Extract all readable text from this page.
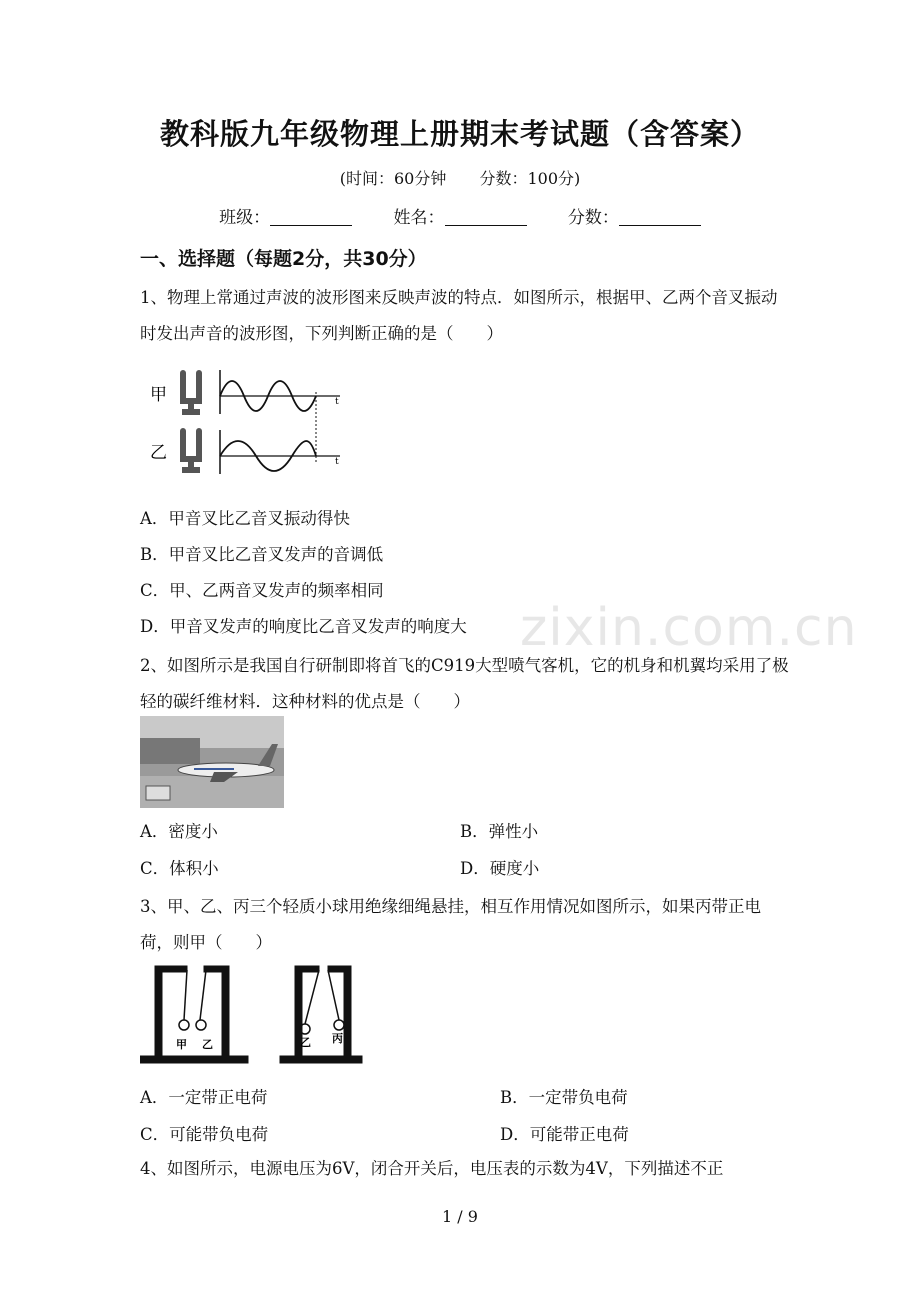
教科版九年级物理上册期末考试题（含答案）
(时间：60分钟 分数：100分)
班级：	姓名：	分数：
一、选择题（每题2分，共30分）
1、物理上常通过声波的波形图来反映声波的特点．如图所示，根据甲、乙两个音叉振动时发出声音的波形图，下列判断正确的是（　　）
甲
乙
t
t
A．甲音叉比乙音叉振动得快
B．甲音叉比乙音叉发声的音调低
C．甲、乙两音叉发声的频率相同
D．甲音叉发声的响度比乙音叉发声的响度大 zixin.com.cn
2、如图所示是我国自行研制即将首飞的C919大型喷气客机，它的机身和机翼均采用了极轻的碳纤维材料．这种材料的优点是（　　）
A．密度小	B．弹性小
C．体积小	D．硬度小
3、甲、乙、丙三个轻质小球用绝缘细绳悬挂，相互作用情况如图所示，如果丙带正电荷，则甲（　　）
甲 乙	乙 丙
A．一定带正电荷	B．一定带负电荷
C．可能带负电荷	D．可能带正电荷
4、如图所示，电源电压为6V，闭合开关后，电压表的示数为4V，下列描述不正
1 / 9
